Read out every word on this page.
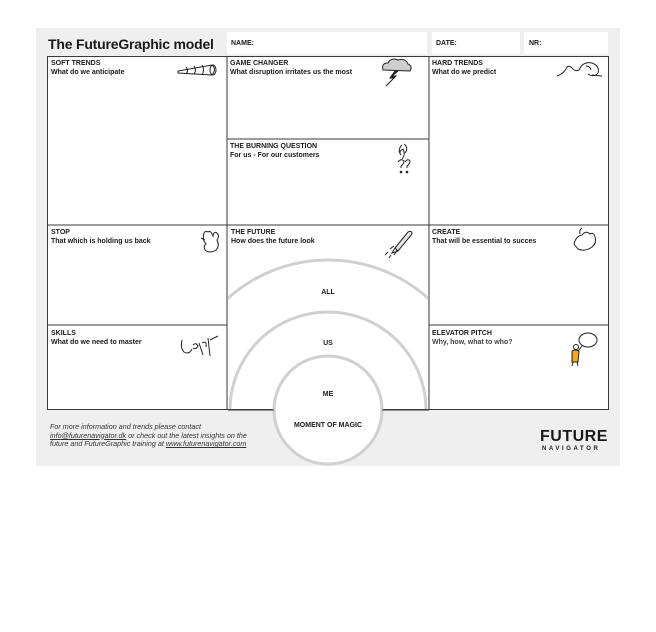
The FutureGraphic model NAME:	DATE:	NR:
SOFT TRENDS
What do we anticipate
GAME CHANGER
What disruption irritates us the most
HARD TRENDS
What do we predict
THE BURNING QUESTION
For us - For our customers
STOP
That which is holding us back
THE FUTURE
How does the future look
CREATE
That will be essential to succes
SKILLS
What do we need to master
ELEVATOR PITCH
Why, how, what to who?
ALL
US
ME
MOMENT OF MAGIC
For more information and trends please contact
info@futurenavigator.dk or check out the latest insights on the
future and FutureGraphic training at www.futurenavigator.com	FUTURE
NAVIGATOR
